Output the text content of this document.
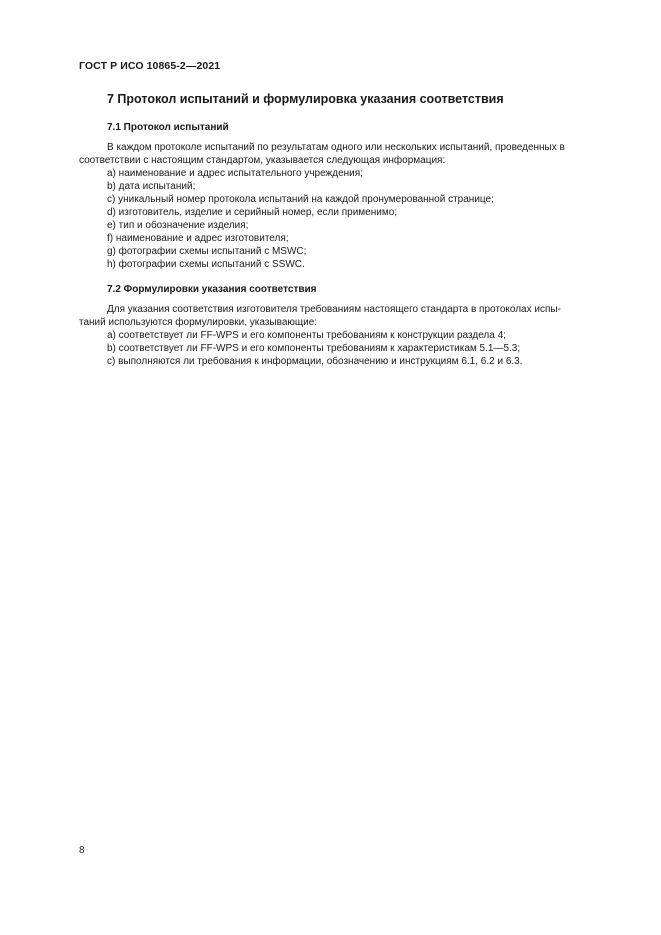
ГОСТ Р ИСО 10865-2—2021
7 Протокол испытаний и формулировка указания соответствия
7.1 Протокол испытаний
В каждом протоколе испытаний по результатам одного или нескольких испытаний, проведенных в
соответствии с настоящим стандартом, указывается следующая информация:
a) наименование и адрес испытательного учреждения;
b) дата испытаний;
c) уникальный номер протокола испытаний на каждой пронумерованной странице;
d) изготовитель, изделие и серийный номер, если применимо;
e) тип и обозначение изделия;
f) наименование и адрес изготовителя;
g) фотографии схемы испытаний с MSWC;
h) фотографии схемы испытаний с SSWC.
7.2 Формулировки указания соответствия
Для указания соответствия изготовителя требованиям настоящего стандарта в протоколах испы-
таний используются формулировки, указывающие:
a) соответствует ли FF-WPS и его компоненты требованиям к конструкции раздела 4;
b) соответствует ли FF-WPS и его компоненты требованиям к характеристикам 5.1—5.3;
c) выполняются ли требования к информации, обозначению и инструкциям 6.1, 6.2 и 6.3.
8
